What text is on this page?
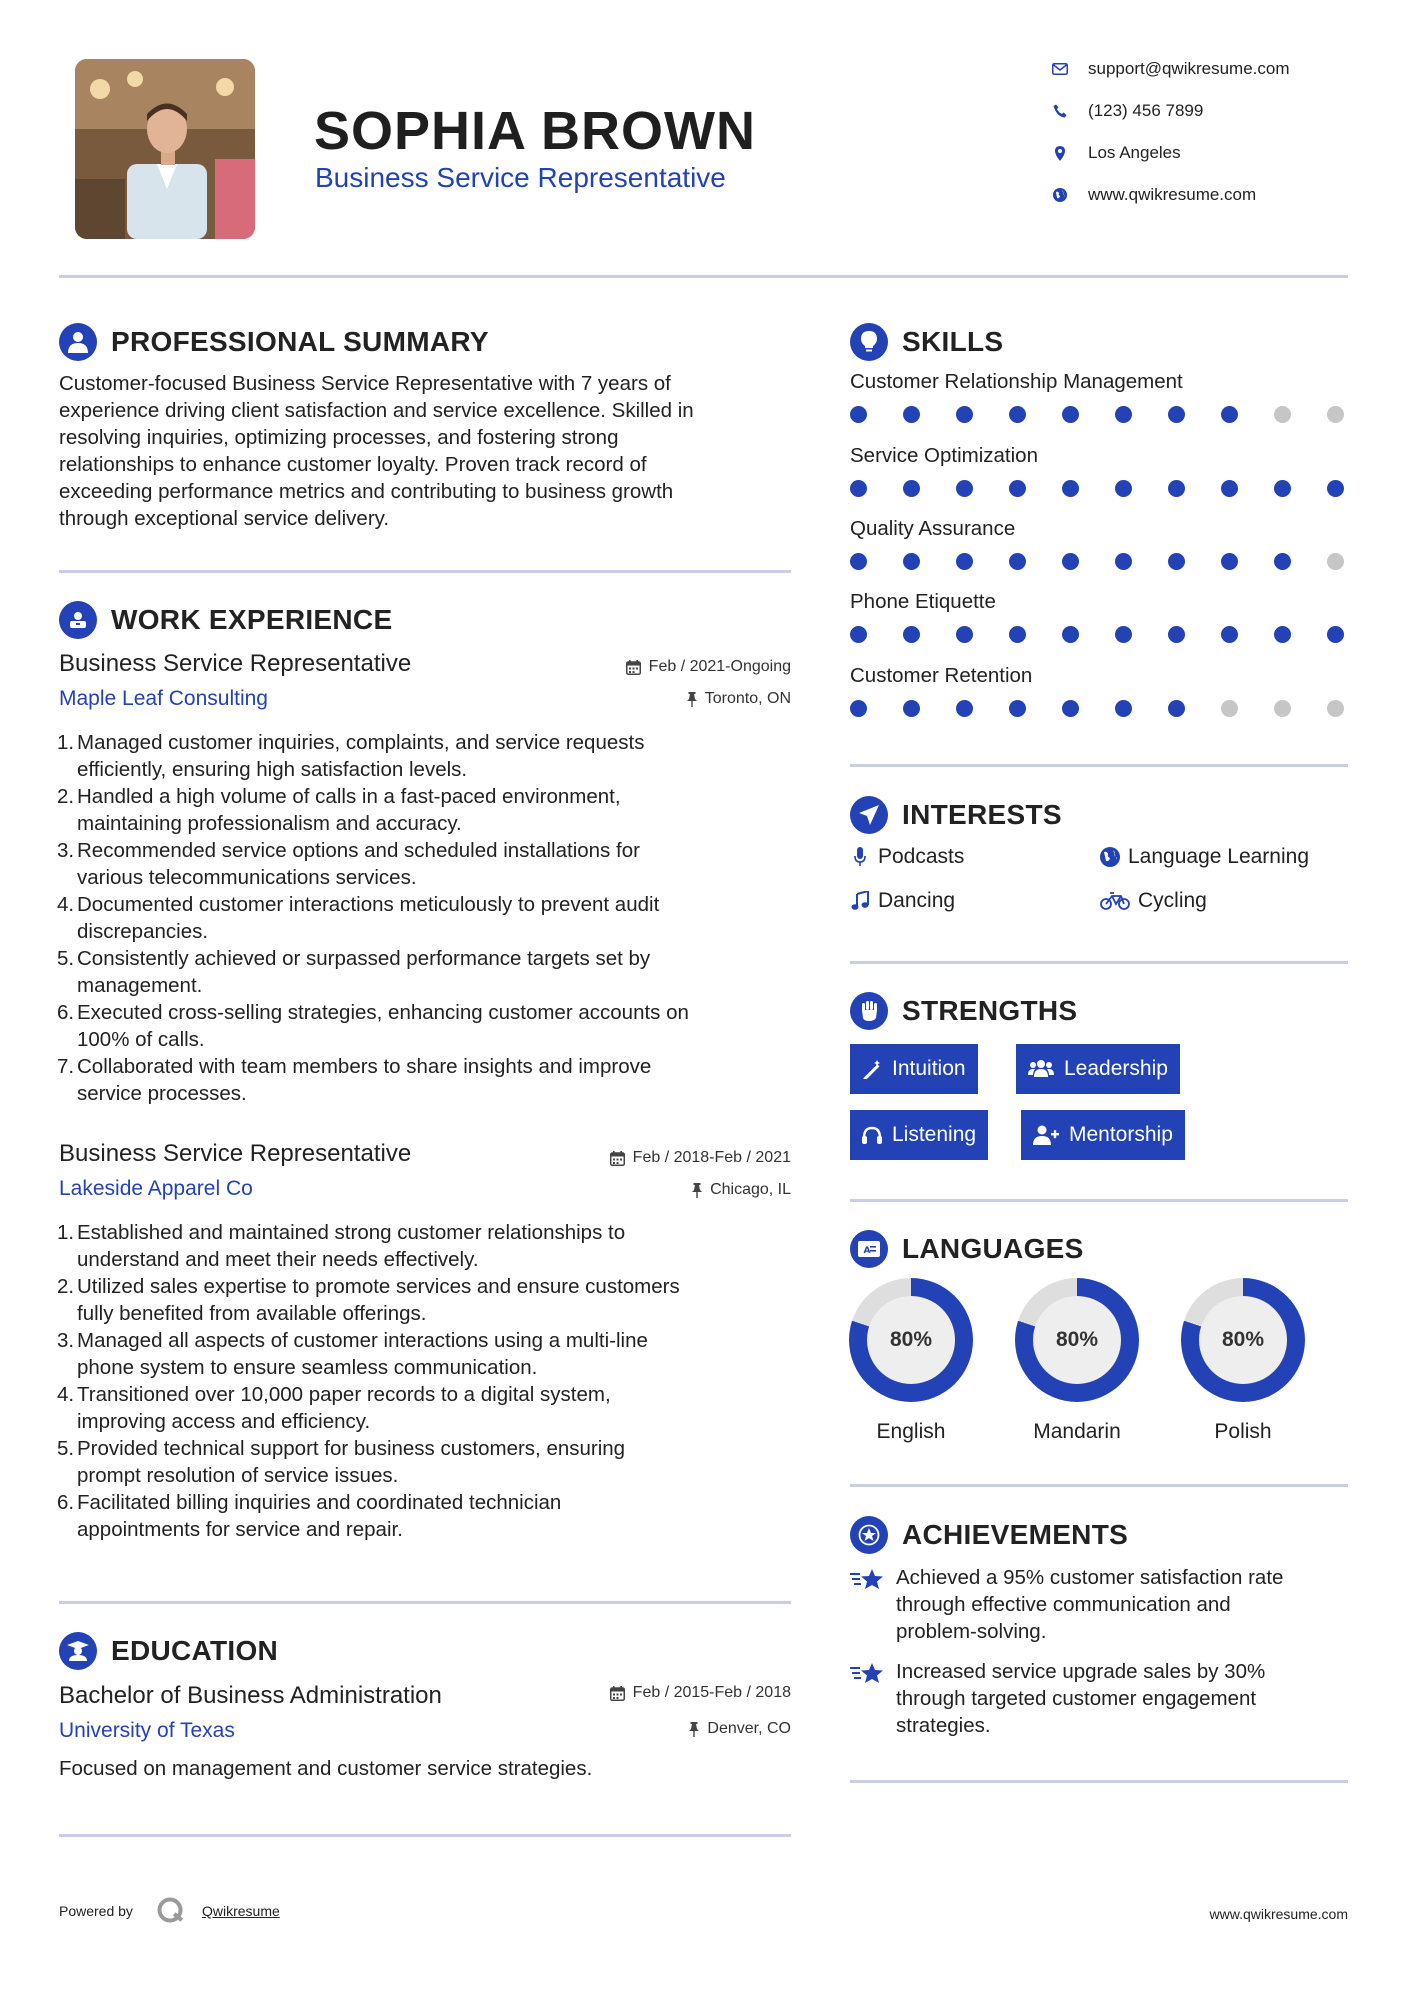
SOPHIA BROWN
Business Service Representative
support@qwikresume.com
(123) 456 7899
Los Angeles
www.qwikresume.com
PROFESSIONAL SUMMARY
Customer-focused Business Service Representative with 7 years of
experience driving client satisfaction and service excellence. Skilled in
resolving inquiries, optimizing processes, and fostering strong
relationships to enhance customer loyalty. Proven track record of
exceeding performance metrics and contributing to business growth
through exceptional service delivery.
WORK EXPERIENCE
Business Service Representative	Feb / 2021-Ongoing
Maple Leaf Consulting	Toronto, ON
1. Managed customer inquiries, complaints, and service requests
efficiently, ensuring high satisfaction levels.
2. Handled a high volume of calls in a fast-paced environment,
maintaining professionalism and accuracy.
3. Recommended service options and scheduled installations for
various telecommunications services.
4. Documented customer interactions meticulously to prevent audit
discrepancies.
5. Consistently achieved or surpassed performance targets set by
management.
6. Executed cross-selling strategies, enhancing customer accounts on
100% of calls.
7. Collaborated with team members to share insights and improve
service processes.
Business Service Representative	Feb / 2018-Feb / 2021
Lakeside Apparel Co	Chicago, IL
1. Established and maintained strong customer relationships to
understand and meet their needs effectively.
2. Utilized sales expertise to promote services and ensure customers
fully benefited from available offerings.
3. Managed all aspects of customer interactions using a multi-line
phone system to ensure seamless communication.
4. Transitioned over 10,000 paper records to a digital system,
improving access and efficiency.
5. Provided technical support for business customers, ensuring
prompt resolution of service issues.
6. Facilitated billing inquiries and coordinated technician
appointments for service and repair.
EDUCATION
Bachelor of Business Administration	Feb / 2015-Feb / 2018
University of Texas	Denver, CO
Focused on management and customer service strategies.
SKILLS
Customer Relationship Management
Service Optimization
Quality Assurance
Phone Etiquette
Customer Retention
INTERESTS
Podcasts	Language Learning
Dancing	Cycling
STRENGTHS
Intuition	Leadership
Listening	Mentorship
A LANGUAGES
80%
English
80%
Mandarin
80%
Polish
ACHIEVEMENTS
Achieved a 95% customer satisfaction rate
through effective communication and
problem-solving.
Increased service upgrade sales by 30%
through targeted customer engagement
strategies.
Powered by	Qwikresume	www.qwikresume.com
